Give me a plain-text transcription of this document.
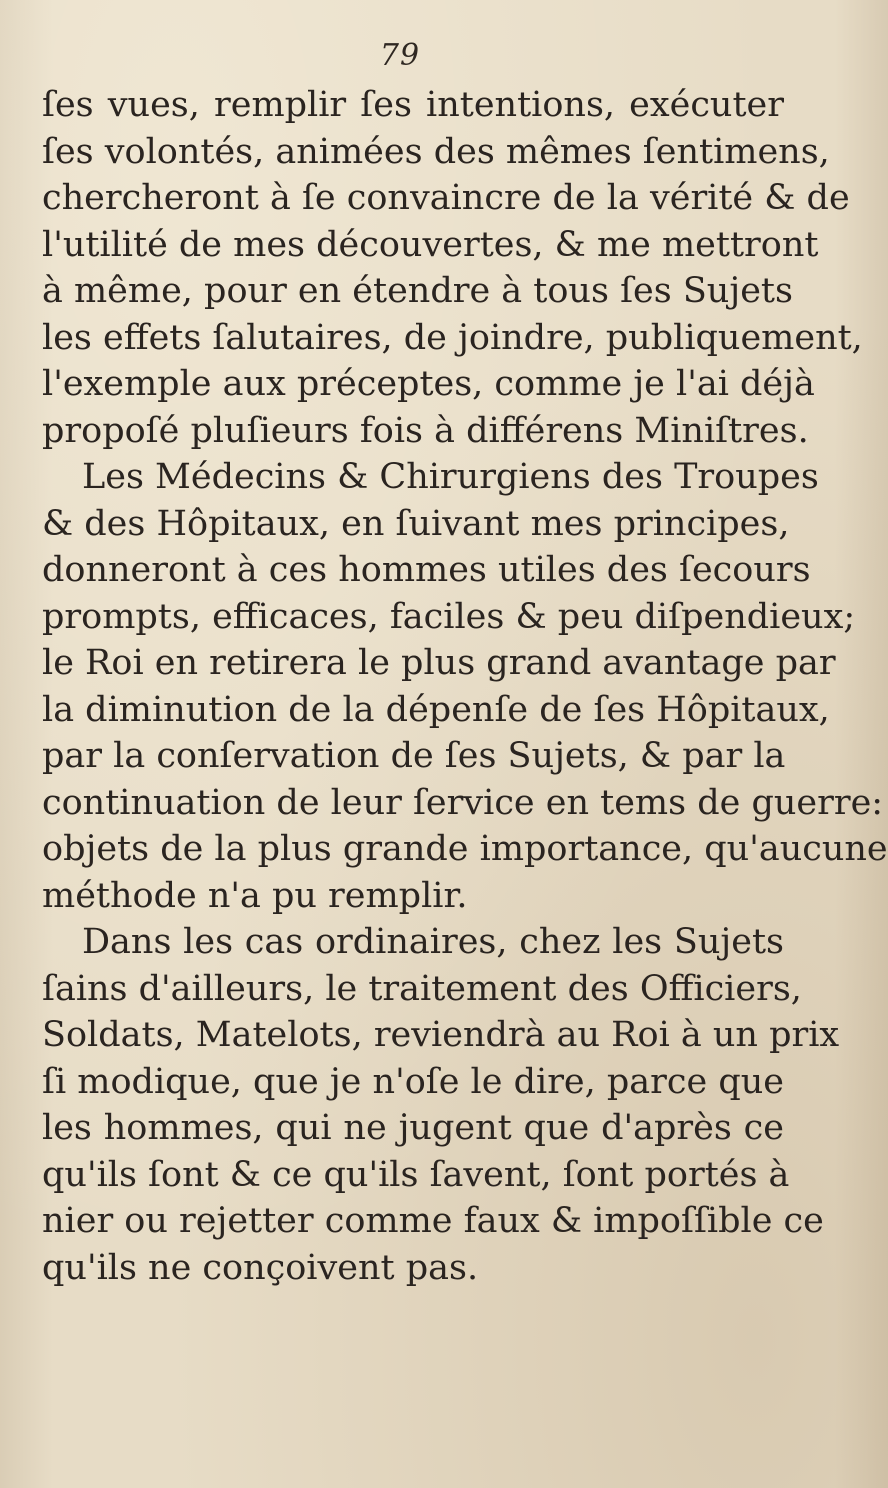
79
ſes vues, remplir ſes intentions, exécuter
ſes volontés, animées des mêmes ſentimens,
chercheront à ſe convaincre de la vérité & de
l'utilité de mes découvertes, & me mettront
à même, pour en étendre à tous ſes Sujets
les effets ſalutaires, de joindre, publiquement,
l'exemple aux préceptes, comme je l'ai déjà
propoſé pluſieurs fois à différens Miniſtres.
Les Médecins & Chirurgiens des Troupes
& des Hôpitaux, en ſuivant mes principes,
donneront à ces hommes utiles des ſecours
prompts, efficaces, faciles & peu diſpendieux;
le Roi en retirera le plus grand avantage par
la diminution de la dépenſe de ſes Hôpitaux,
par la conſervation de ſes Sujets, & par la
continuation de leur ſervice en tems de guerre:
objets de la plus grande importance, qu'aucune
méthode n'a pu remplir.
Dans les cas ordinaires, chez les Sujets
ſains d'ailleurs, le traitement des Officiers,
Soldats, Matelots, reviendrà au Roi à un prix
ſi modique, que je n'oſe le dire, parce que
les hommes, qui ne jugent que d'après ce
qu'ils ſont & ce qu'ils ſavent, ſont portés à
nier ou rejetter comme faux & impoſſible ce
qu'ils ne conçoivent pas.
